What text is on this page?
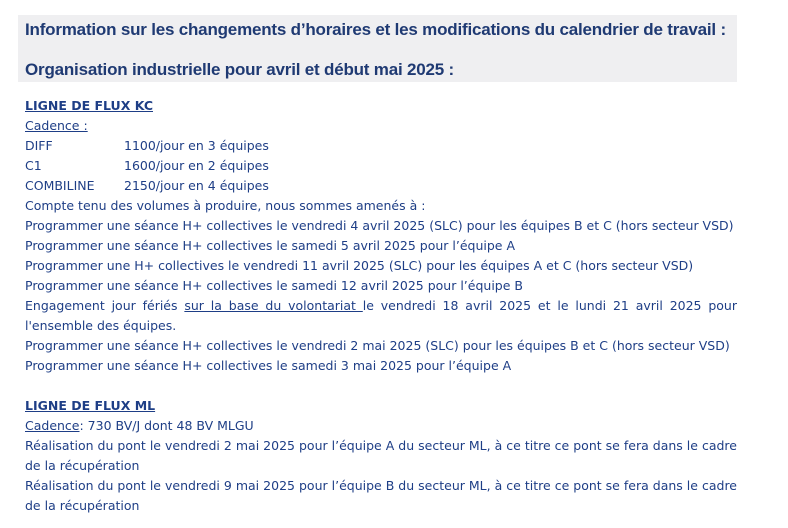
Information sur les changements d’horaires et les modifications du calendrier de travail :
Organisation industrielle pour avril et début mai 2025 :
LIGNE DE FLUX KC
Cadence :
DIFF	1100/jour en 3 équipes
C1	1600/jour en 2 équipes
COMBILINE 2150/jour en 4 équipes
Compte tenu des volumes à produire, nous sommes amenés à :
Programmer une séance H+ collectives le vendredi 4 avril 2025 (SLC) pour les équipes B et C (hors secteur VSD)
Programmer une séance H+ collectives le samedi 5 avril 2025 pour l’équipe A
Programmer une H+ collectives le vendredi 11 avril 2025 (SLC) pour les équipes A et C (hors secteur VSD)
Programmer une séance H+ collectives le samedi 12 avril 2025 pour l’équipe B
Engagement jour fériés sur la base du volontariat le vendredi 18 avril 2025 et le lundi 21 avril 2025 pour l'ensemble des équipes.
Programmer une séance H+ collectives le vendredi 2 mai 2025 (SLC) pour les équipes B et C (hors secteur VSD)
Programmer une séance H+ collectives le samedi 3 mai 2025 pour l’équipe A
LIGNE DE FLUX ML
Cadence: 730 BV/J dont 48 BV MLGU
Réalisation du pont le vendredi 2 mai 2025 pour l’équipe A du secteur ML, à ce titre ce pont se fera dans le cadre de la récupération
Réalisation du pont le vendredi 9 mai 2025 pour l’équipe B du secteur ML, à ce titre ce pont se fera dans le cadre de la récupération
